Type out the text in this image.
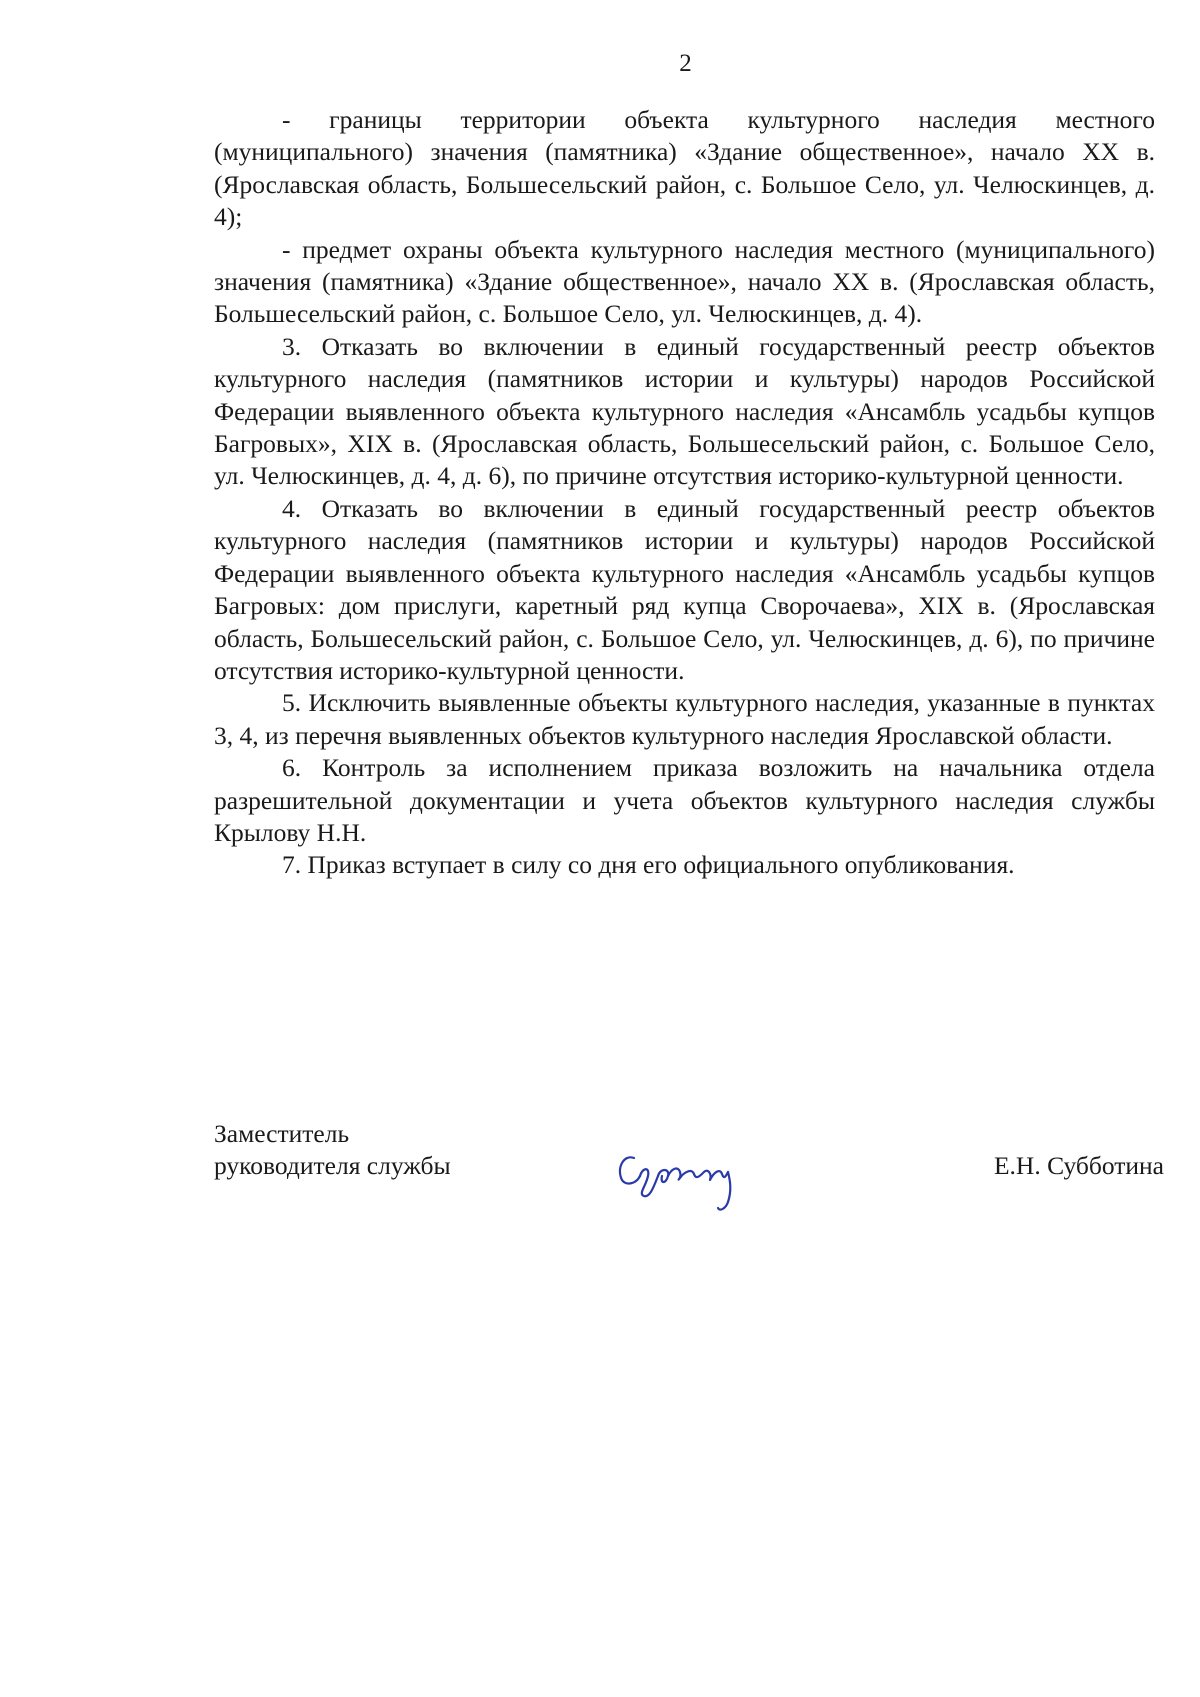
2

- границы территории объекта культурного наследия местного (муниципального) значения (памятника) «Здание общественное», начало XX в. (Ярославская область, Большесельский район, с. Большое Село, ул. Челюскинцев, д. 4);

- предмет охраны объекта культурного наследия местного (муниципального) значения (памятника) «Здание общественное», начало XX в. (Ярославская область, Большесельский район, с. Большое Село, ул. Челюскинцев, д. 4).

3. Отказать во включении в единый государственный реестр объектов культурного наследия (памятников истории и культуры) народов Российской Федерации выявленного объекта культурного наследия «Ансамбль усадьбы купцов Багровых», XIX в. (Ярославская область, Большесельский район, с. Большое Село, ул. Челюскинцев, д. 4, д. 6), по причине отсутствия историко-культурной ценности.

4. Отказать во включении в единый государственный реестр объектов культурного наследия (памятников истории и культуры) народов Российской Федерации выявленного объекта культурного наследия «Ансамбль усадьбы купцов Багровых: дом прислуги, каретный ряд купца Сворочаева», XIX в. (Ярославская область, Большесельский район, с. Большое Село, ул. Челюскинцев, д. 6), по причине отсутствия историко-культурной ценности.

5. Исключить выявленные объекты культурного наследия, указанные в пунктах 3, 4, из перечня выявленных объектов культурного наследия Ярославской области.

6. Контроль за исполнением приказа возложить на начальника отдела разрешительной документации и учета объектов культурного наследия службы Крылову Н.Н.

7. Приказ вступает в силу со дня его официального опубликования.

Заместитель
руководителя службы	Е.Н. Субботина
